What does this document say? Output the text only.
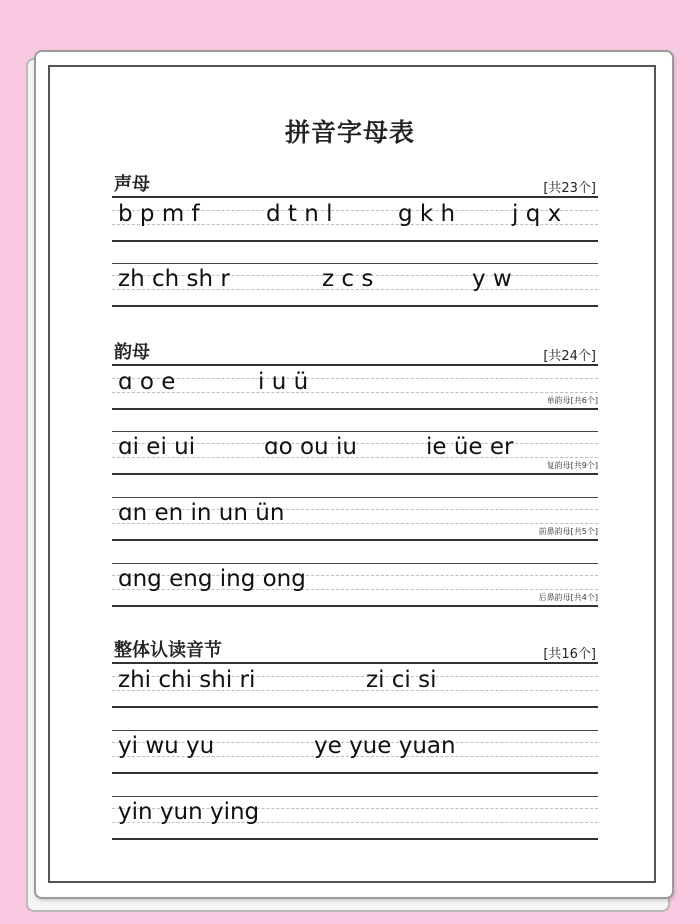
拼音字母表
声母	[共23个]
b p m f	d t n l	g k h j q x
zh ch sh r	z c s	y w
韵母	[共24个]
ɑ o e	i u ü
单韵母[共6个]
ɑi ei ui	ɑo ou iu	ie üe er
复韵母[共9个]
ɑn en in un ün
前鼻韵母[共5个]
ɑng eng ing ong
后鼻韵母[共4个]
整体认读音节	[共16个]
zhi chi shi ri	zi ci si
yi wu yu	ye yue yuan
yin yun ying
